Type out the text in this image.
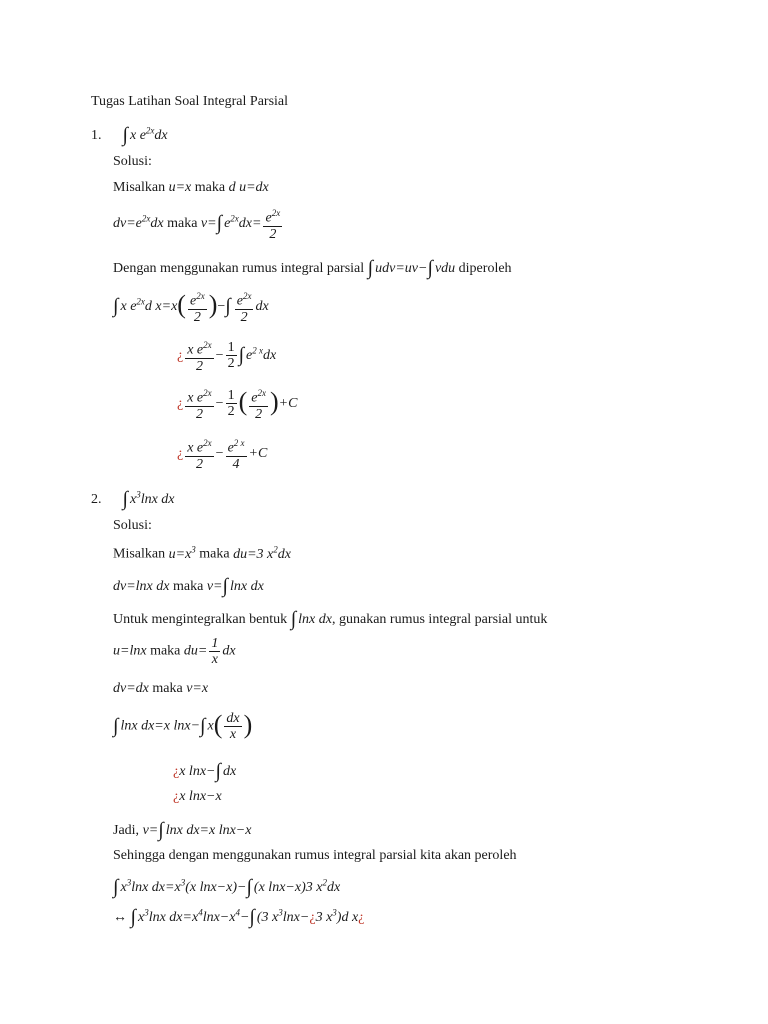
Tugas Latihan Soal Integral Parsial
1. ∫ x $e^{2x}dx$
Solusi:
Misalkan u=x maka d u=dx
$dv=e^{2x}dx$ maka v=∫ $e^{2x}dx= \frac{e^{2x}}{2}$
Dengan menggunakan rumus integral parsial ∫ udv=uv−∫ vdu diperoleh
∫ x $e^{2x}d$ $x=x( \frac{e^{2x}}{2}$ )−∫ $\frac{e^{2x}}{2}$ dx
¿ $\frac{x e^{2x}}{2} - \frac{1}{2}$ ∫ $e^{2 x}dx$
¿ $\frac{x e^{2x}}{2} - \frac{1}{2}$ ( $\frac{e^{2x}}{2} )+C$
¿ $\frac{x e^{2x}}{2} - \frac{e^{2 x}}{4} +C$
2. ∫ $x^3\ln x$ dx
Solusi:
Misalkan $u=x^3$ maka du=3 $x^2dx$
dv=lnx dx maka v=∫ lnx dx
Untuk mengintegralkan bentuk ∫ lnx dx, gunakan rumus integral parsial untuk
u=lnx maka $du= \frac{1}{x}$ dx
dv=dx maka v=x
∫ lnx dx=x lnx−∫ $x( \frac{dx}{x}$ )
¿x lnx−∫ dx
¿x lnx−x
Jadi, v=∫ lnx dx=x lnx−x
Sehingga dengan menggunakan rumus integral parsial kita akan peroleh
∫ $x^3\ln x$ $dx=x^3(x$ lnx−x)−∫ (x lnx−x)3 $x^2dx$
↔ ∫ $x^3\ln x$ $dx=x^4\ln x-x^4-\int$ (3 $x^3\ln x-¿3$ $x^3)d$ x¿
